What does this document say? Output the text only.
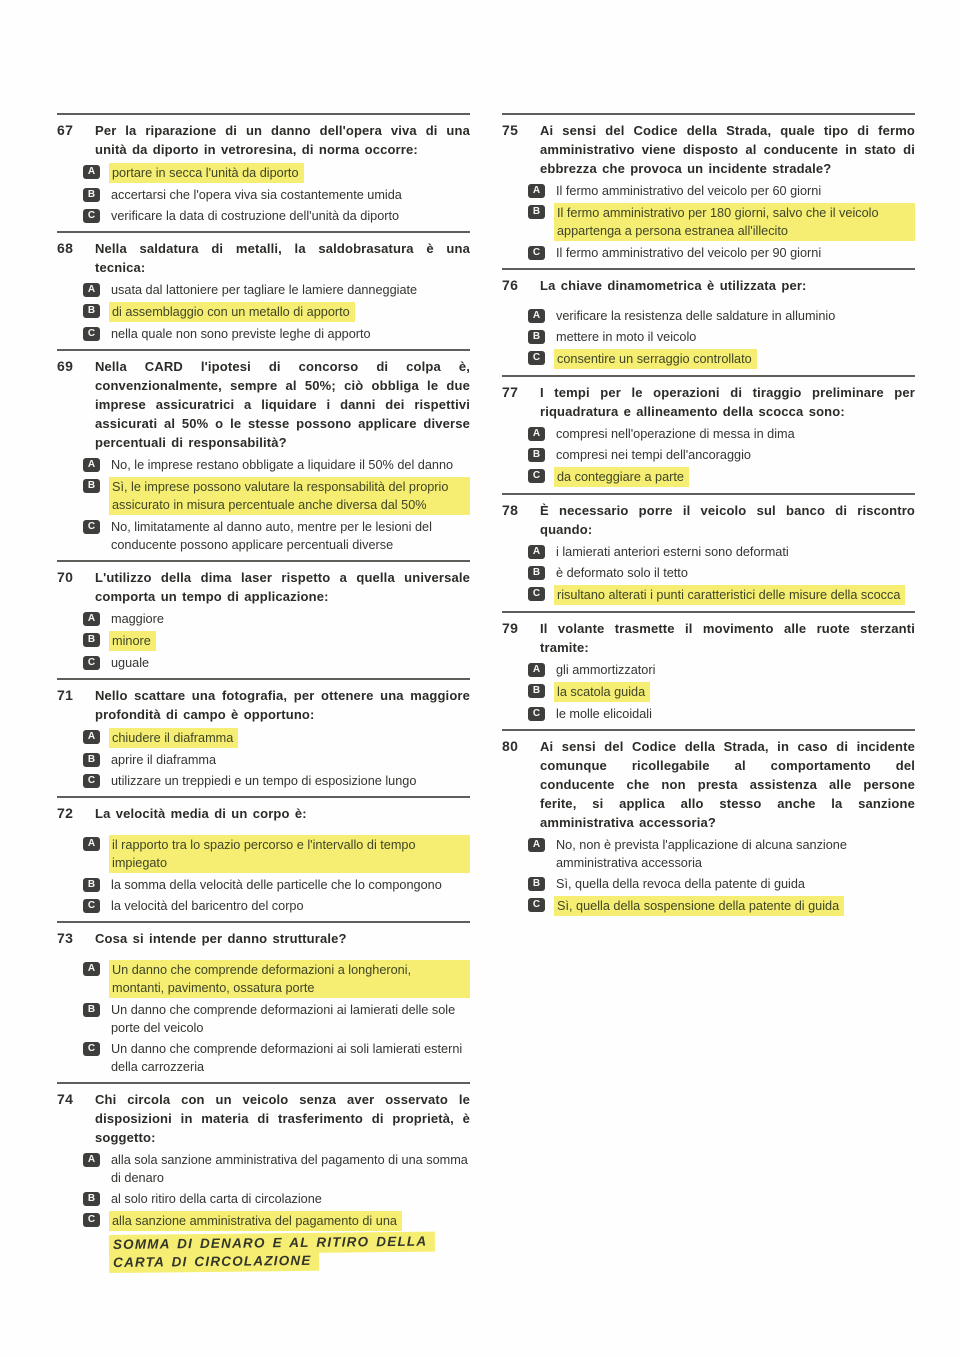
67	Per la riparazione di un danno dell'opera viva di una unità da diporto in vetroresina, di norma occorre:
A	portare in secca l'unità da diporto
B	accertarsi che l'opera viva sia costantemente umida
C	verificare la data di costruzione dell'unità da diporto
68	Nella saldatura di metalli, la saldobrasatura è una tecnica:
A	usata dal lattoniere per tagliare le lamiere danneggiate
B	di assemblaggio con un metallo di apporto
C	nella quale non sono previste leghe di apporto
69	Nella CARD l'ipotesi di concorso di colpa è, convenzionalmente, sempre al 50%; ciò obbliga le due imprese assicuratrici a liquidare i danni dei rispettivi assicurati al 50% o le stesse possono applicare diverse percentuali di responsabilità?
A	No, le imprese restano obbligate a liquidare il 50% del danno
B	Sì, le imprese possono valutare la responsabilità del proprio assicurato in misura percentuale anche diversa dal 50%
C	No, limitatamente al danno auto, mentre per le lesioni del conducente possono applicare percentuali diverse
70	L'utilizzo della dima laser rispetto a quella universale comporta un tempo di applicazione:
A	maggiore
B	minore
C	uguale
71	Nello scattare una fotografia, per ottenere una maggiore profondità di campo è opportuno:
A	chiudere il diaframma
B	aprire il diaframma
C	utilizzare un treppiedi e un tempo di esposizione lungo
72	La velocità media di un corpo è:
A	il rapporto tra lo spazio percorso e l'intervallo di tempo impiegato
B	la somma della velocità delle particelle che lo compongono
C	la velocità del baricentro del corpo
73	Cosa si intende per danno strutturale?
A	Un danno che comprende deformazioni a longheroni, montanti, pavimento, ossatura porte
B	Un danno che comprende deformazioni ai lamierati delle sole porte del veicolo
C	Un danno che comprende deformazioni ai soli lamierati esterni della carrozzeria
74	Chi circola con un veicolo senza aver osservato le disposizioni in materia di trasferimento di proprietà, è soggetto:
A	alla sola sanzione amministrativa del pagamento di una somma di denaro
B	al solo ritiro della carta di circolazione
C	alla sanzione amministrativa del pagamento di una
SOMMA DI DENARO E AL RITIRO DELLA CARTA DI CIRCOLAZIONE
75	Ai sensi del Codice della Strada, quale tipo di fermo amministrativo viene disposto al conducente in stato di ebbrezza che provoca un incidente stradale?
A	Il fermo amministrativo del veicolo per 60 giorni
B	Il fermo amministrativo per 180 giorni, salvo che il veicolo appartenga a persona estranea all'illecito
C	Il fermo amministrativo del veicolo per 90 giorni
76	La chiave dinamometrica è utilizzata per:
A	verificare la resistenza delle saldature in alluminio
B	mettere in moto il veicolo
C	consentire un serraggio controllato
77	I tempi per le operazioni di tiraggio preliminare per riquadratura e allineamento della scocca sono:
A	compresi nell'operazione di messa in dima
B	compresi nei tempi dell'ancoraggio
C	da conteggiare a parte
78	È necessario porre il veicolo sul banco di riscontro quando:
A	i lamierati anteriori esterni sono deformati
B	è deformato solo il tetto
C	risultano alterati i punti caratteristici delle misure della scocca
79	Il volante trasmette il movimento alle ruote sterzanti tramite:
A	gli ammortizzatori
B	la scatola guida
C	le molle elicoidali
80	Ai sensi del Codice della Strada, in caso di incidente comunque ricollegabile al comportamento del conducente che non presta assistenza alle persone ferite, si applica allo stesso anche la sanzione amministrativa accessoria?
A	No, non è prevista l'applicazione di alcuna sanzione amministrativa accessoria
B	Sì, quella della revoca della patente di guida
C	Sì, quella della sospensione della patente di guida
